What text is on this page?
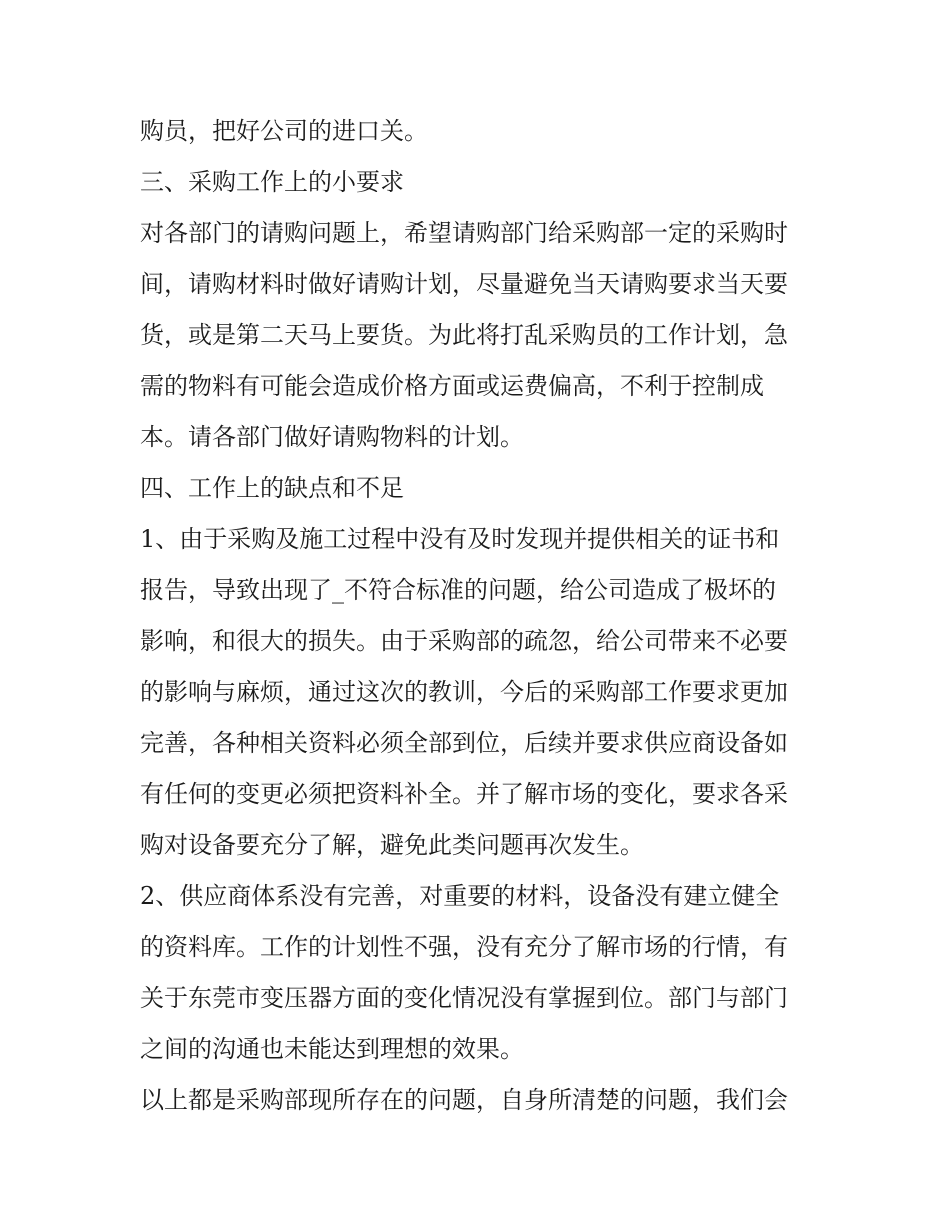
购员，把好公司的进口关。
三、采购工作上的小要求
对各部门的请购问题上，希望请购部门给采购部一定的采购时
间，请购材料时做好请购计划，尽量避免当天请购要求当天要
货，或是第二天马上要货。为此将打乱采购员的工作计划，急
需的物料有可能会造成价格方面或运费偏高，不利于控制成
本。请各部门做好请购物料的计划。
四、工作上的缺点和不足
1、由于采购及施工过程中没有及时发现并提供相关的证书和
报告，导致出现了_不符合标准的问题，给公司造成了极坏的
影响，和很大的损失。由于采购部的疏忽，给公司带来不必要
的影响与麻烦，通过这次的教训，今后的采购部工作要求更加
完善，各种相关资料必须全部到位，后续并要求供应商设备如
有任何的变更必须把资料补全。并了解市场的变化，要求各采
购对设备要充分了解，避免此类问题再次发生。
2、供应商体系没有完善，对重要的材料，设备没有建立健全
的资料库。工作的计划性不强，没有充分了解市场的行情，有
关于东莞市变压器方面的变化情况没有掌握到位。部门与部门
之间的沟通也未能达到理想的效果。
以上都是采购部现所存在的问题，自身所清楚的问题，我们会
